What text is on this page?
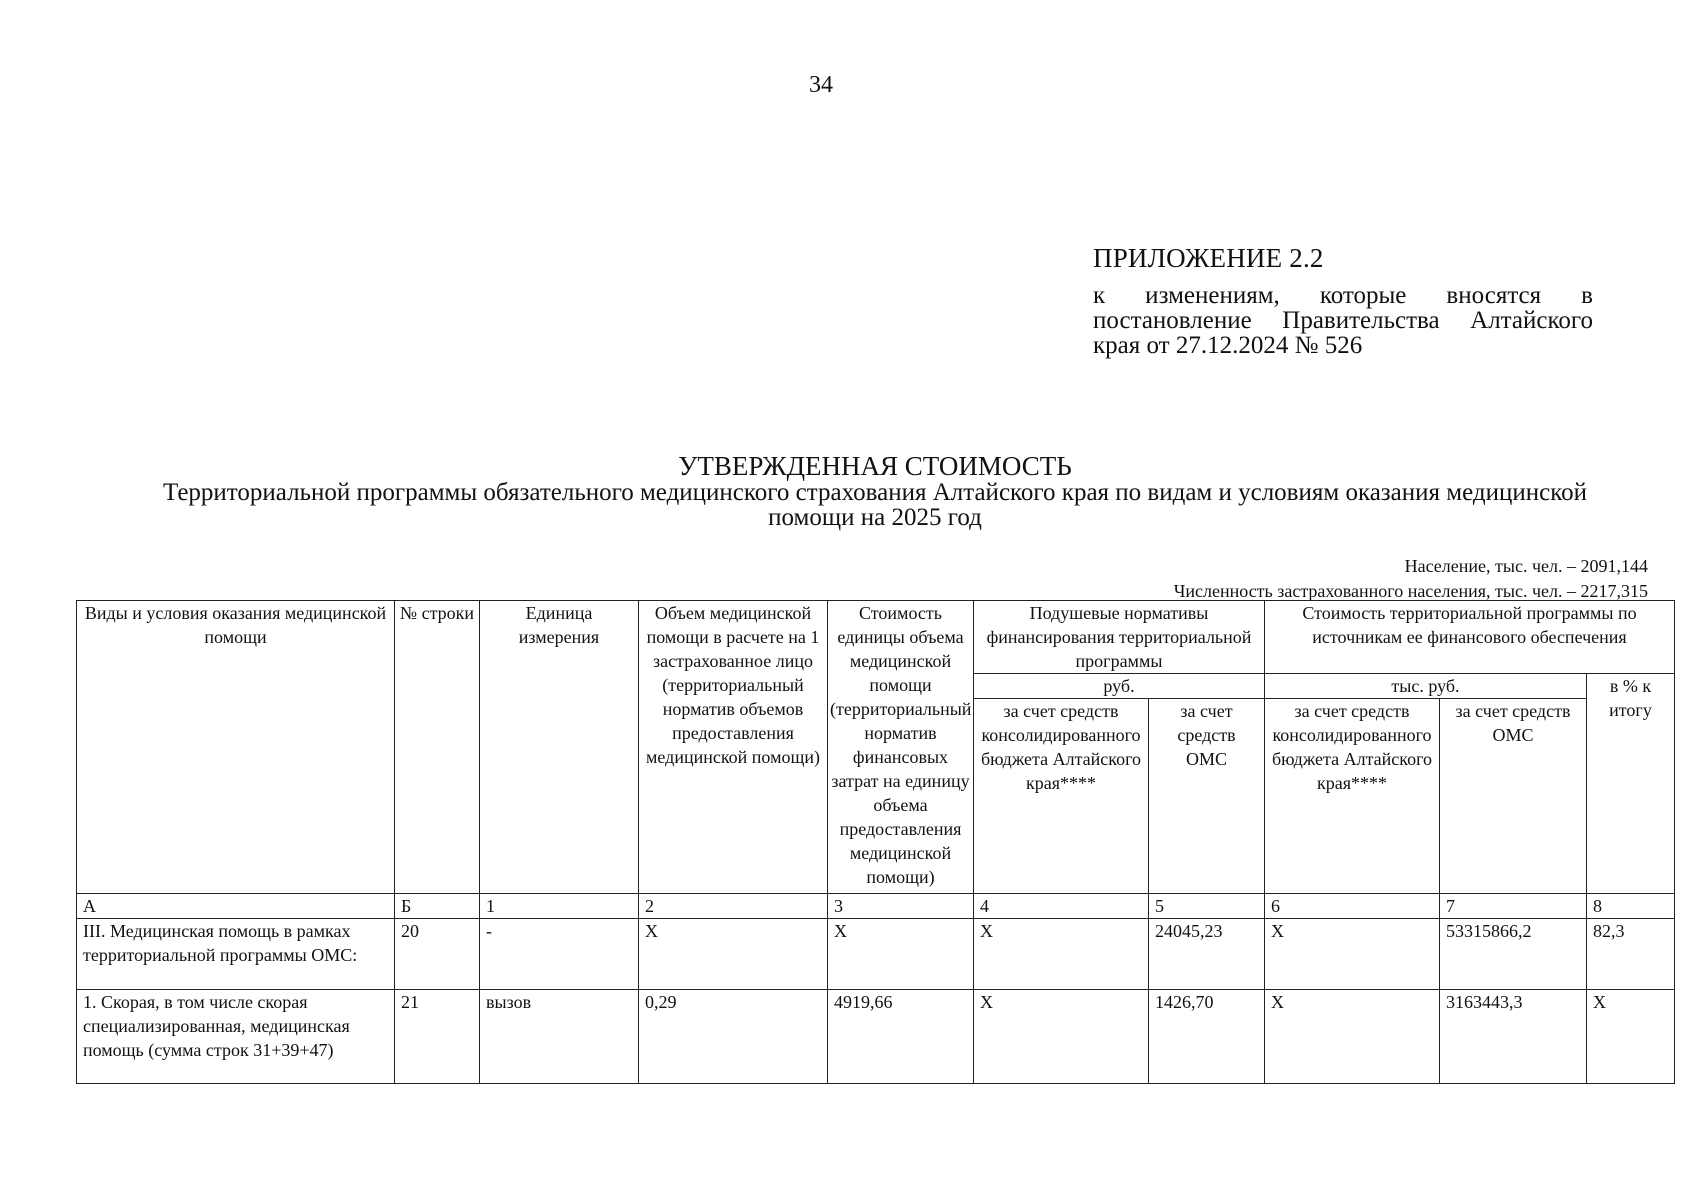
34
ПРИЛОЖЕНИЕ 2.2
к изменениям, которые вносятся в постановление Правительства Алтайского края от 27.12.2024 № 526
УТВЕРЖДЕННАЯ СТОИМОСТЬ
Территориальной программы обязательного медицинского страхования Алтайского края по видам и условиям оказания медицинской помощи на 2025 год
Население, тыс. чел. – 2091,144
Численность застрахованного населения, тыс. чел. – 2217,315
Виды и условия оказания медицинской помощи	№ строки	Единица измерения	Объем медицинской помощи в расчете на 1 застрахованное лицо (территориальный норматив объемов предоставления медицинской помощи)	Стоимость единицы объема медицинской помощи (территориальный норматив финансовых затрат на единицу объема предоставления медицинской помощи)	Подушевые нормативы финансирования территориальной программы		Стоимость территориальной программы по источникам ее финансового обеспечения		
					руб.		тыс. руб.		в % к итогу
					за счет средств консолидированного бюджета Алтайского края****	за счет средств ОМС	за счет средств консолидированного бюджета Алтайского края****	за счет средств ОМС	
А	Б	1	2	3	4	5	6	7	8
III. Медицинская помощь в рамках территориальной программы ОМС:	20	-	X	X	X	24045,23	X	53315866,2	82,3
1. Скорая, в том числе скорая специализированная, медицинская помощь (сумма строк 31+39+47)	21	вызов	0,29	4919,66	X	1426,70	X	3163443,3	X
